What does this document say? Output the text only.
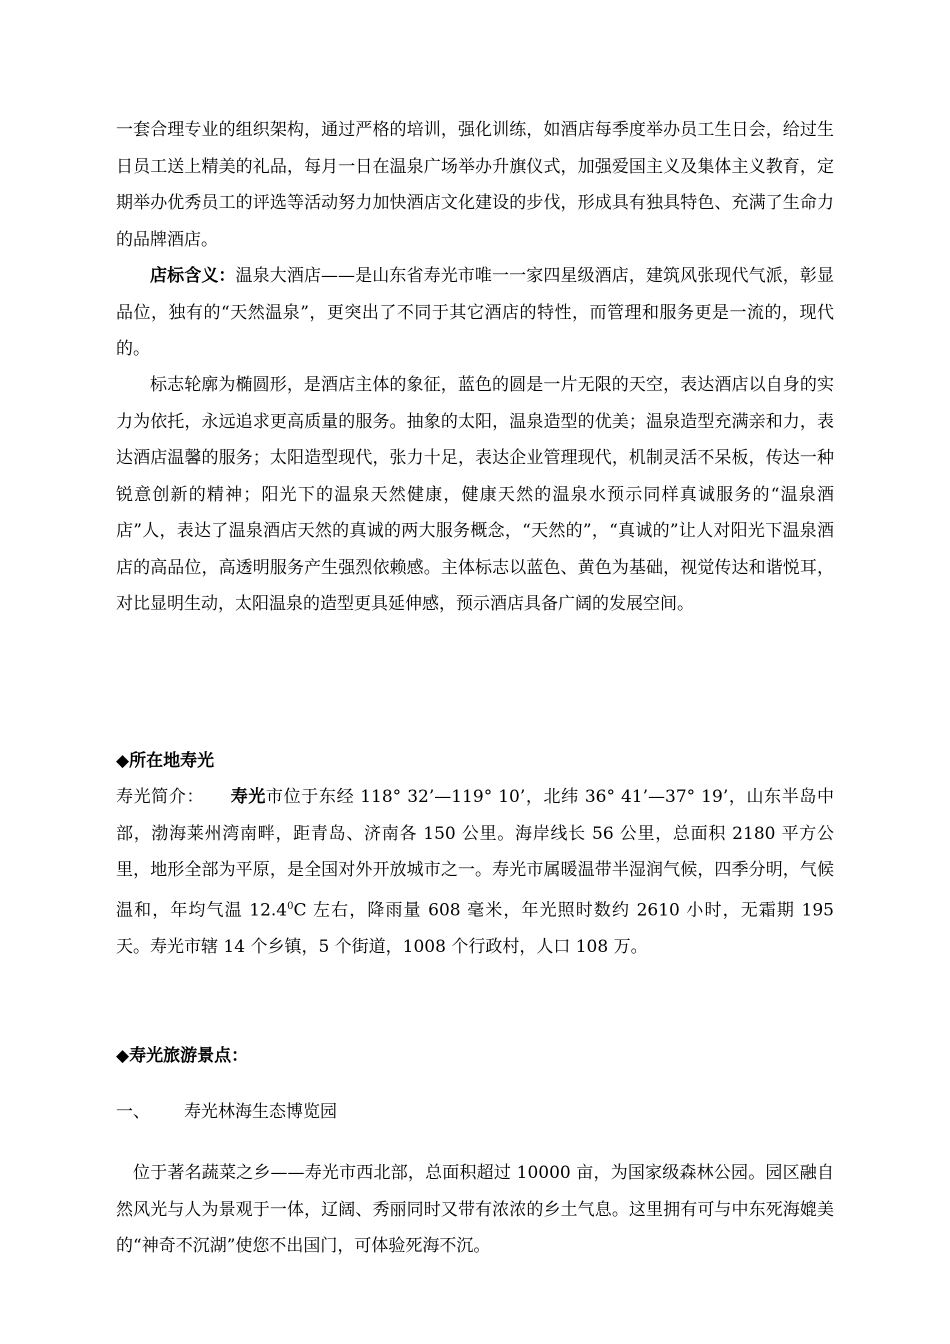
一套合理专业的组织架构，通过严格的培训，强化训练，如酒店每季度举办员工生日会，给过生日员工送上精美的礼品，每月一日在温泉广场举办升旗仪式，加强爱国主义及集体主义教育，定期举办优秀员工的评选等活动努力加快酒店文化建设的步伐，形成具有独具特色、充满了生命力的品牌酒店。
店标含义：温泉大酒店——是山东省寿光市唯一一家四星级酒店，建筑风张现代气派，彰显品位，独有的“天然温泉”，更突出了不同于其它酒店的特性，而管理和服务更是一流的，现代的。
标志轮廓为椭圆形，是酒店主体的象征，蓝色的圆是一片无限的天空，表达酒店以自身的实力为依托，永远追求更高质量的服务。抽象的太阳，温泉造型的优美；温泉造型充满亲和力，表达酒店温馨的服务；太阳造型现代，张力十足，表达企业管理现代，机制灵活不呆板，传达一种锐意创新的精神；阳光下的温泉天然健康，健康天然的温泉水预示同样真诚服务的“温泉酒店”人，表达了温泉酒店天然的真诚的两大服务概念，“天然的”，“真诚的”让人对阳光下温泉酒店的高品位，高透明服务产生强烈依赖感。主体标志以蓝色、黄色为基础，视觉传达和谐悦耳，对比显明生动，太阳温泉的造型更具延伸感，预示酒店具备广阔的发展空间。
◆所在地寿光
寿光简介： 寿光市位于东经 118° 32’—119° 10’，北纬 36° 41’—37° 19’，山东半岛中部，渤海莱州湾南畔，距青岛、济南各 150 公里。海岸线长 56 公里，总面积 2180 平方公里，地形全部为平原，是全国对外开放城市之一。寿光市属暖温带半湿润气候，四季分明，气候温和，年均气温 12.4$^0$C 左右，降雨量 608 毫米，年光照时数约 2610 小时，无霜期 195 天。寿光市辖 14 个乡镇，5 个街道，1008 个行政村，人口 108 万。
◆寿光旅游景点：
一、 寿光林海生态博览园
位于著名蔬菜之乡——寿光市西北部，总面积超过 10000 亩，为国家级森林公园。园区融自然风光与人为景观于一体，辽阔、秀丽同时又带有浓浓的乡土气息。这里拥有可与中东死海媲美的“神奇不沉湖”使您不出国门，可体验死海不沉。
